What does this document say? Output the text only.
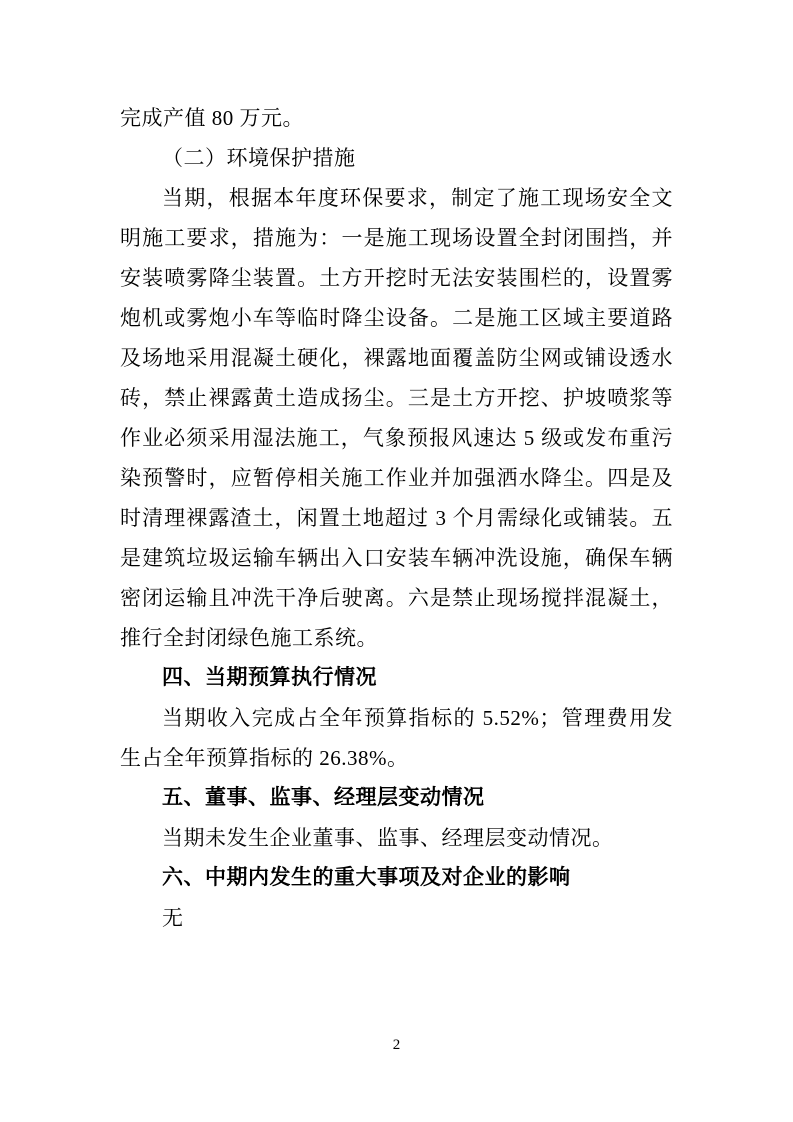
完成产值 80 万元。

（二）环境保护措施

当期，根据本年度环保要求，制定了施工现场安全文明施工要求，措施为：一是施工现场设置全封闭围挡，并安装喷雾降尘装置。土方开挖时无法安装围栏的，设置雾炮机或雾炮小车等临时降尘设备。二是施工区域主要道路及场地采用混凝土硬化，裸露地面覆盖防尘网或铺设透水砖，禁止裸露黄土造成扬尘。三是土方开挖、护坡喷浆等作业必须采用湿法施工，气象预报风速达 5 级或发布重污染预警时，应暂停相关施工作业并加强洒水降尘。四是及时清理裸露渣土，闲置土地超过 3 个月需绿化或铺装。五是建筑垃圾运输车辆出入口安装车辆冲洗设施，确保车辆密闭运输且冲洗干净后驶离。六是禁止现场搅拌混凝土，推行全封闭绿色施工系统。

四、当期预算执行情况

当期收入完成占全年预算指标的 5.52%；管理费用发生占全年预算指标的 26.38%。

五、董事、监事、经理层变动情况

当期未发生企业董事、监事、经理层变动情况。

六、中期内发生的重大事项及对企业的影响

无

2
